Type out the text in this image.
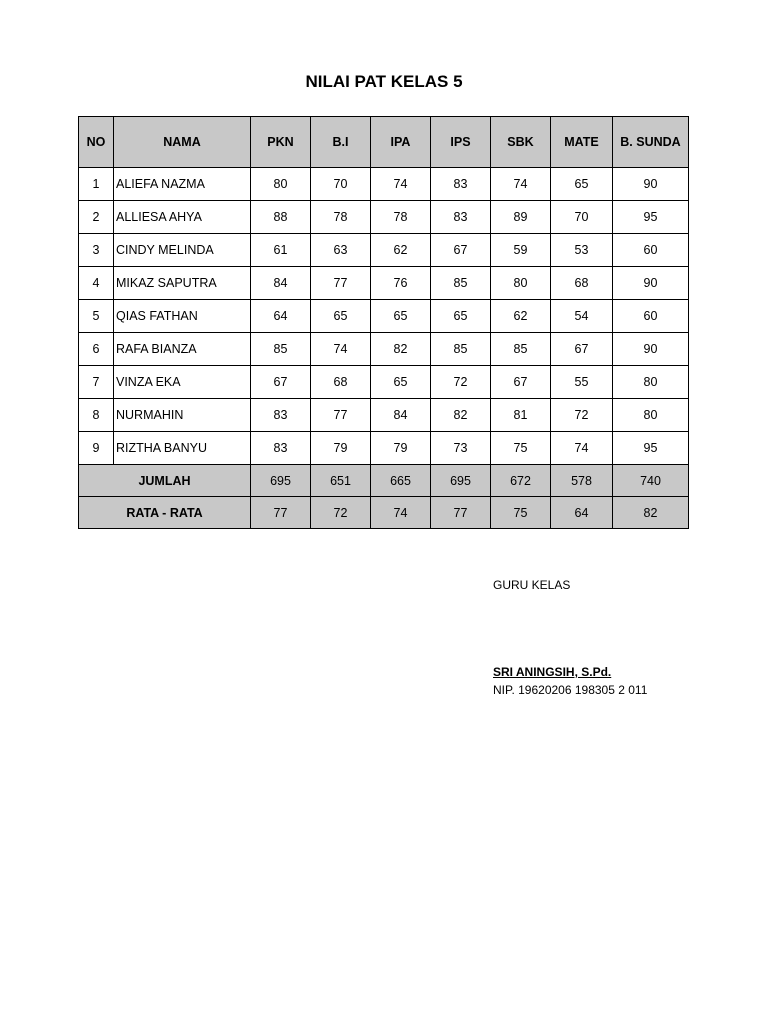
NILAI PAT KELAS 5
NO	NAMA	PKN	B.I	IPA	IPS	SBK	MATE	B. SUNDA
1	ALIEFA NAZMA	80	70	74	83	74	65	90
2	ALLIESA AHYA	88	78	78	83	89	70	95
3	CINDY MELINDA	61	63	62	67	59	53	60
4	MIKAZ SAPUTRA	84	77	76	85	80	68	90
5	QIAS FATHAN	64	65	65	65	62	54	60
6	RAFA BIANZA	85	74	82	85	85	67	90
7	VINZA EKA	67	68	65	72	67	55	80
8	NURMAHIN	83	77	84	82	81	72	80
9	RIZTHA BANYU	83	79	79	73	75	74	95
JUMLAH		695	651	665	695	672	578	740
RATA - RATA		77	72	74	77	75	64	82
GURU KELAS
SRI ANINGSIH, S.Pd.
NIP. 19620206 198305 2 011
